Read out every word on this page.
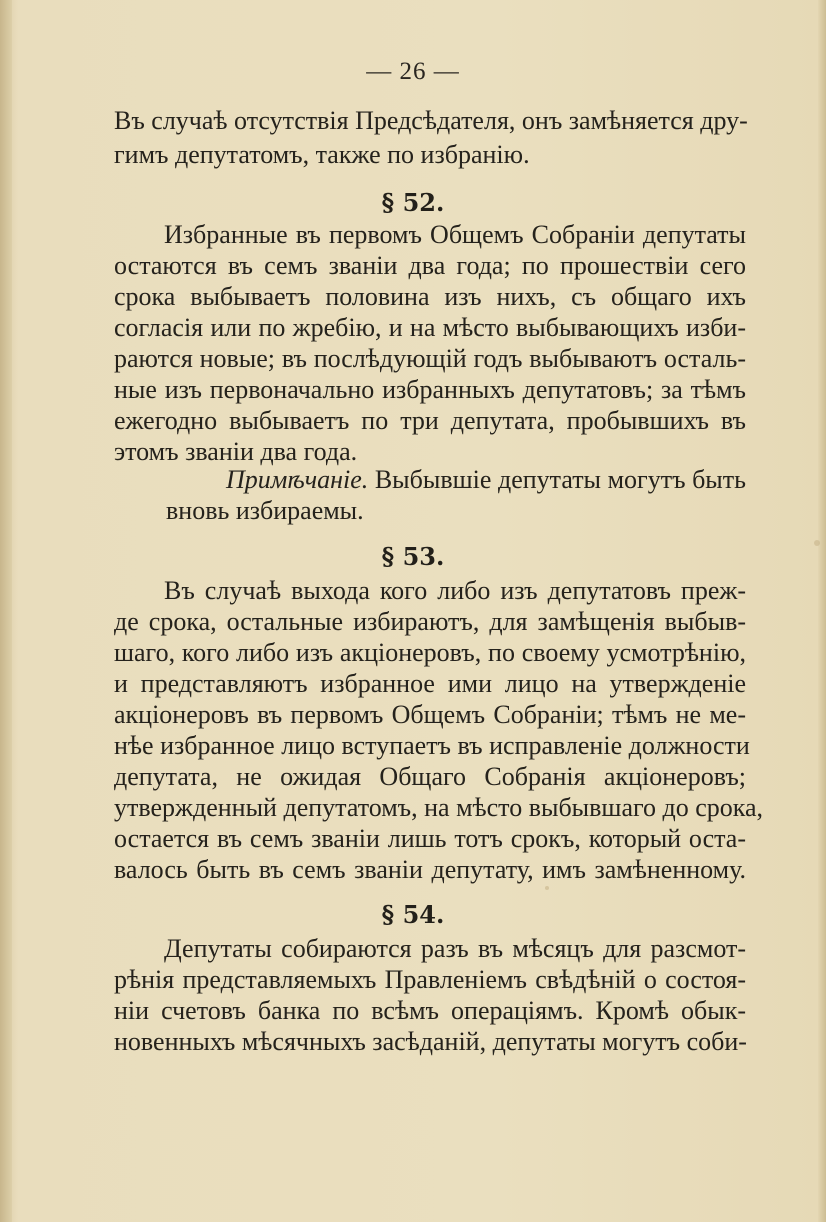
— 26 —
Въ случаѣ отсутствія Предсѣдателя, онъ замѣняется дру-
гимъ депутатомъ, также по избранію.
§ 52.
Избранные въ первомъ Общемъ Собраніи депутаты
остаются въ семъ званіи два года; по прошествіи сего
срока выбываетъ половина изъ нихъ, съ общаго ихъ
согласія или по жребію, и на мѣсто выбывающихъ изби-
раются новые; въ послѣдующій годъ выбываютъ осталь-
ные изъ первоначально избранныхъ депутатовъ; за тѣмъ
ежегодно выбываетъ по три депутата, пробывшихъ въ
этомъ званіи два года.
Примѣчаніе. Выбывшіе депутаты могутъ быть
вновь избираемы.
§ 53.
Въ случаѣ выхода кого либо изъ депутатовъ преж-
де срока, остальные избираютъ, для замѣщенія выбыв-
шаго, кого либо изъ акціонеровъ, по своему усмотрѣнію,
и представляютъ избранное ими лицо на утвержденіе
акціонеровъ въ первомъ Общемъ Собраніи; тѣмъ не ме-
нѣе избранное лицо вступаетъ въ исправленіе должности
депутата, не ожидая Общаго Собранія акціонеровъ;
утвержденный депутатомъ, на мѣсто выбывшаго до срока,
остается въ семъ званіи лишь тотъ срокъ, который оста-
валось быть въ семъ званіи депутату, имъ замѣненному.
§ 54.
Депутаты собираются разъ въ мѣсяцъ для разсмот-
рѣнія представляемыхъ Правленіемъ свѣдѣній о состоя-
ніи счетовъ банка по всѣмъ операціямъ. Кромѣ обык-
новенныхъ мѣсячныхъ засѣданій, депутаты могутъ соби-
